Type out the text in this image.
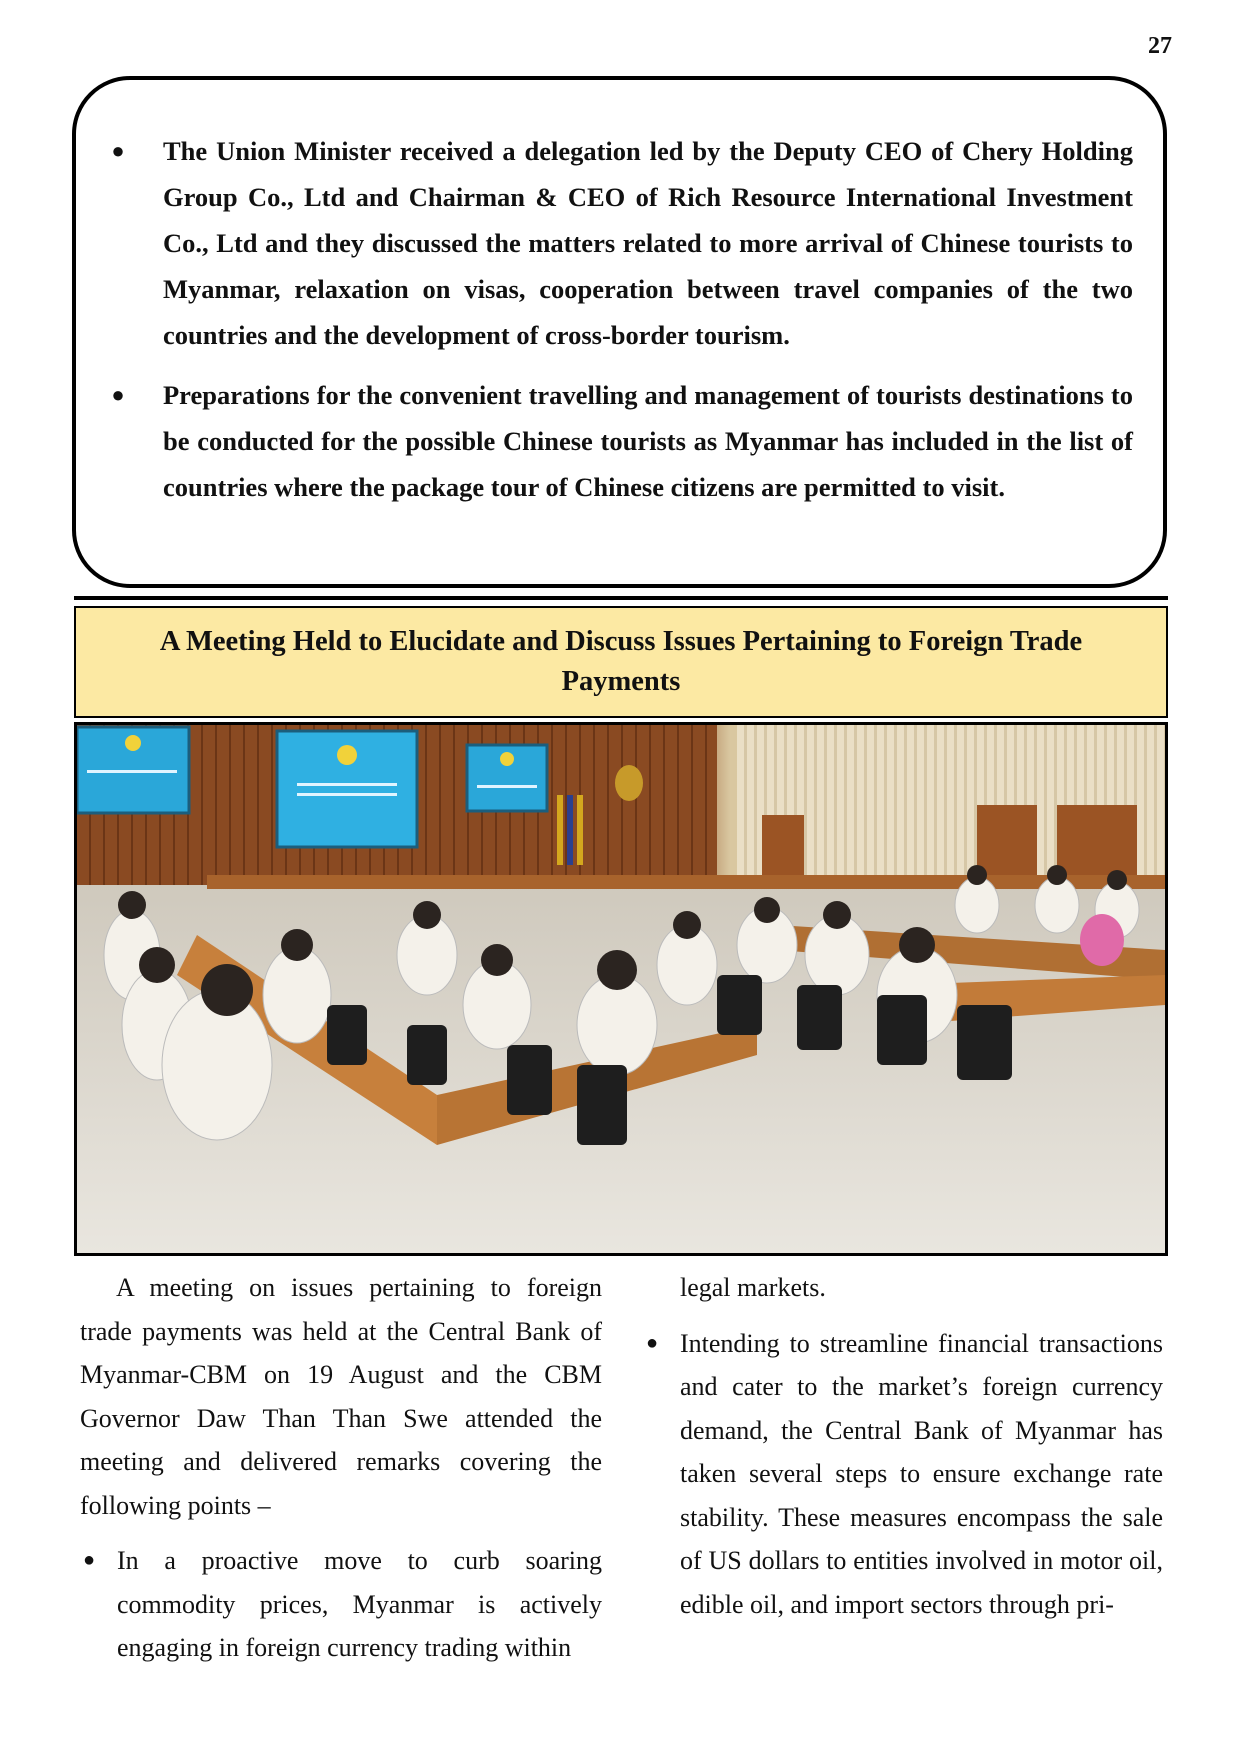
27
●	The Union Minister received a delegation led by the Deputy CEO of Chery Holding Group Co., Ltd and Chairman & CEO of Rich Resource International Investment Co., Ltd and they discussed the matters related to more arrival of Chinese tourists to Myanmar, relaxation on visas, cooperation between travel companies of the two countries and the development of cross-border tourism.
●	Preparations for the convenient travelling and management of tourists destinations to be conducted for the possible Chinese tourists as Myanmar has included in the list of countries where the package tour of Chinese citizens are permitted to visit.
A Meeting Held to Elucidate and Discuss Issues Pertaining to Foreign Trade Payments

A meeting on issues pertaining to foreign trade payments was held at the Central Bank of Myanmar-CBM on 19 August and the CBM Governor Daw Than Than Swe attended the meeting and delivered remarks covering the following points –

● In a proactive move to curb soaring commodity prices, Myanmar is actively engaging in foreign currency trading within

legal markets.

● Intending to streamline financial transactions and cater to the market’s foreign currency demand, the Central Bank of Myanmar has taken several steps to ensure exchange rate stability. These measures encompass the sale of US dollars to entities involved in motor oil, edible oil, and import sectors through pri-
